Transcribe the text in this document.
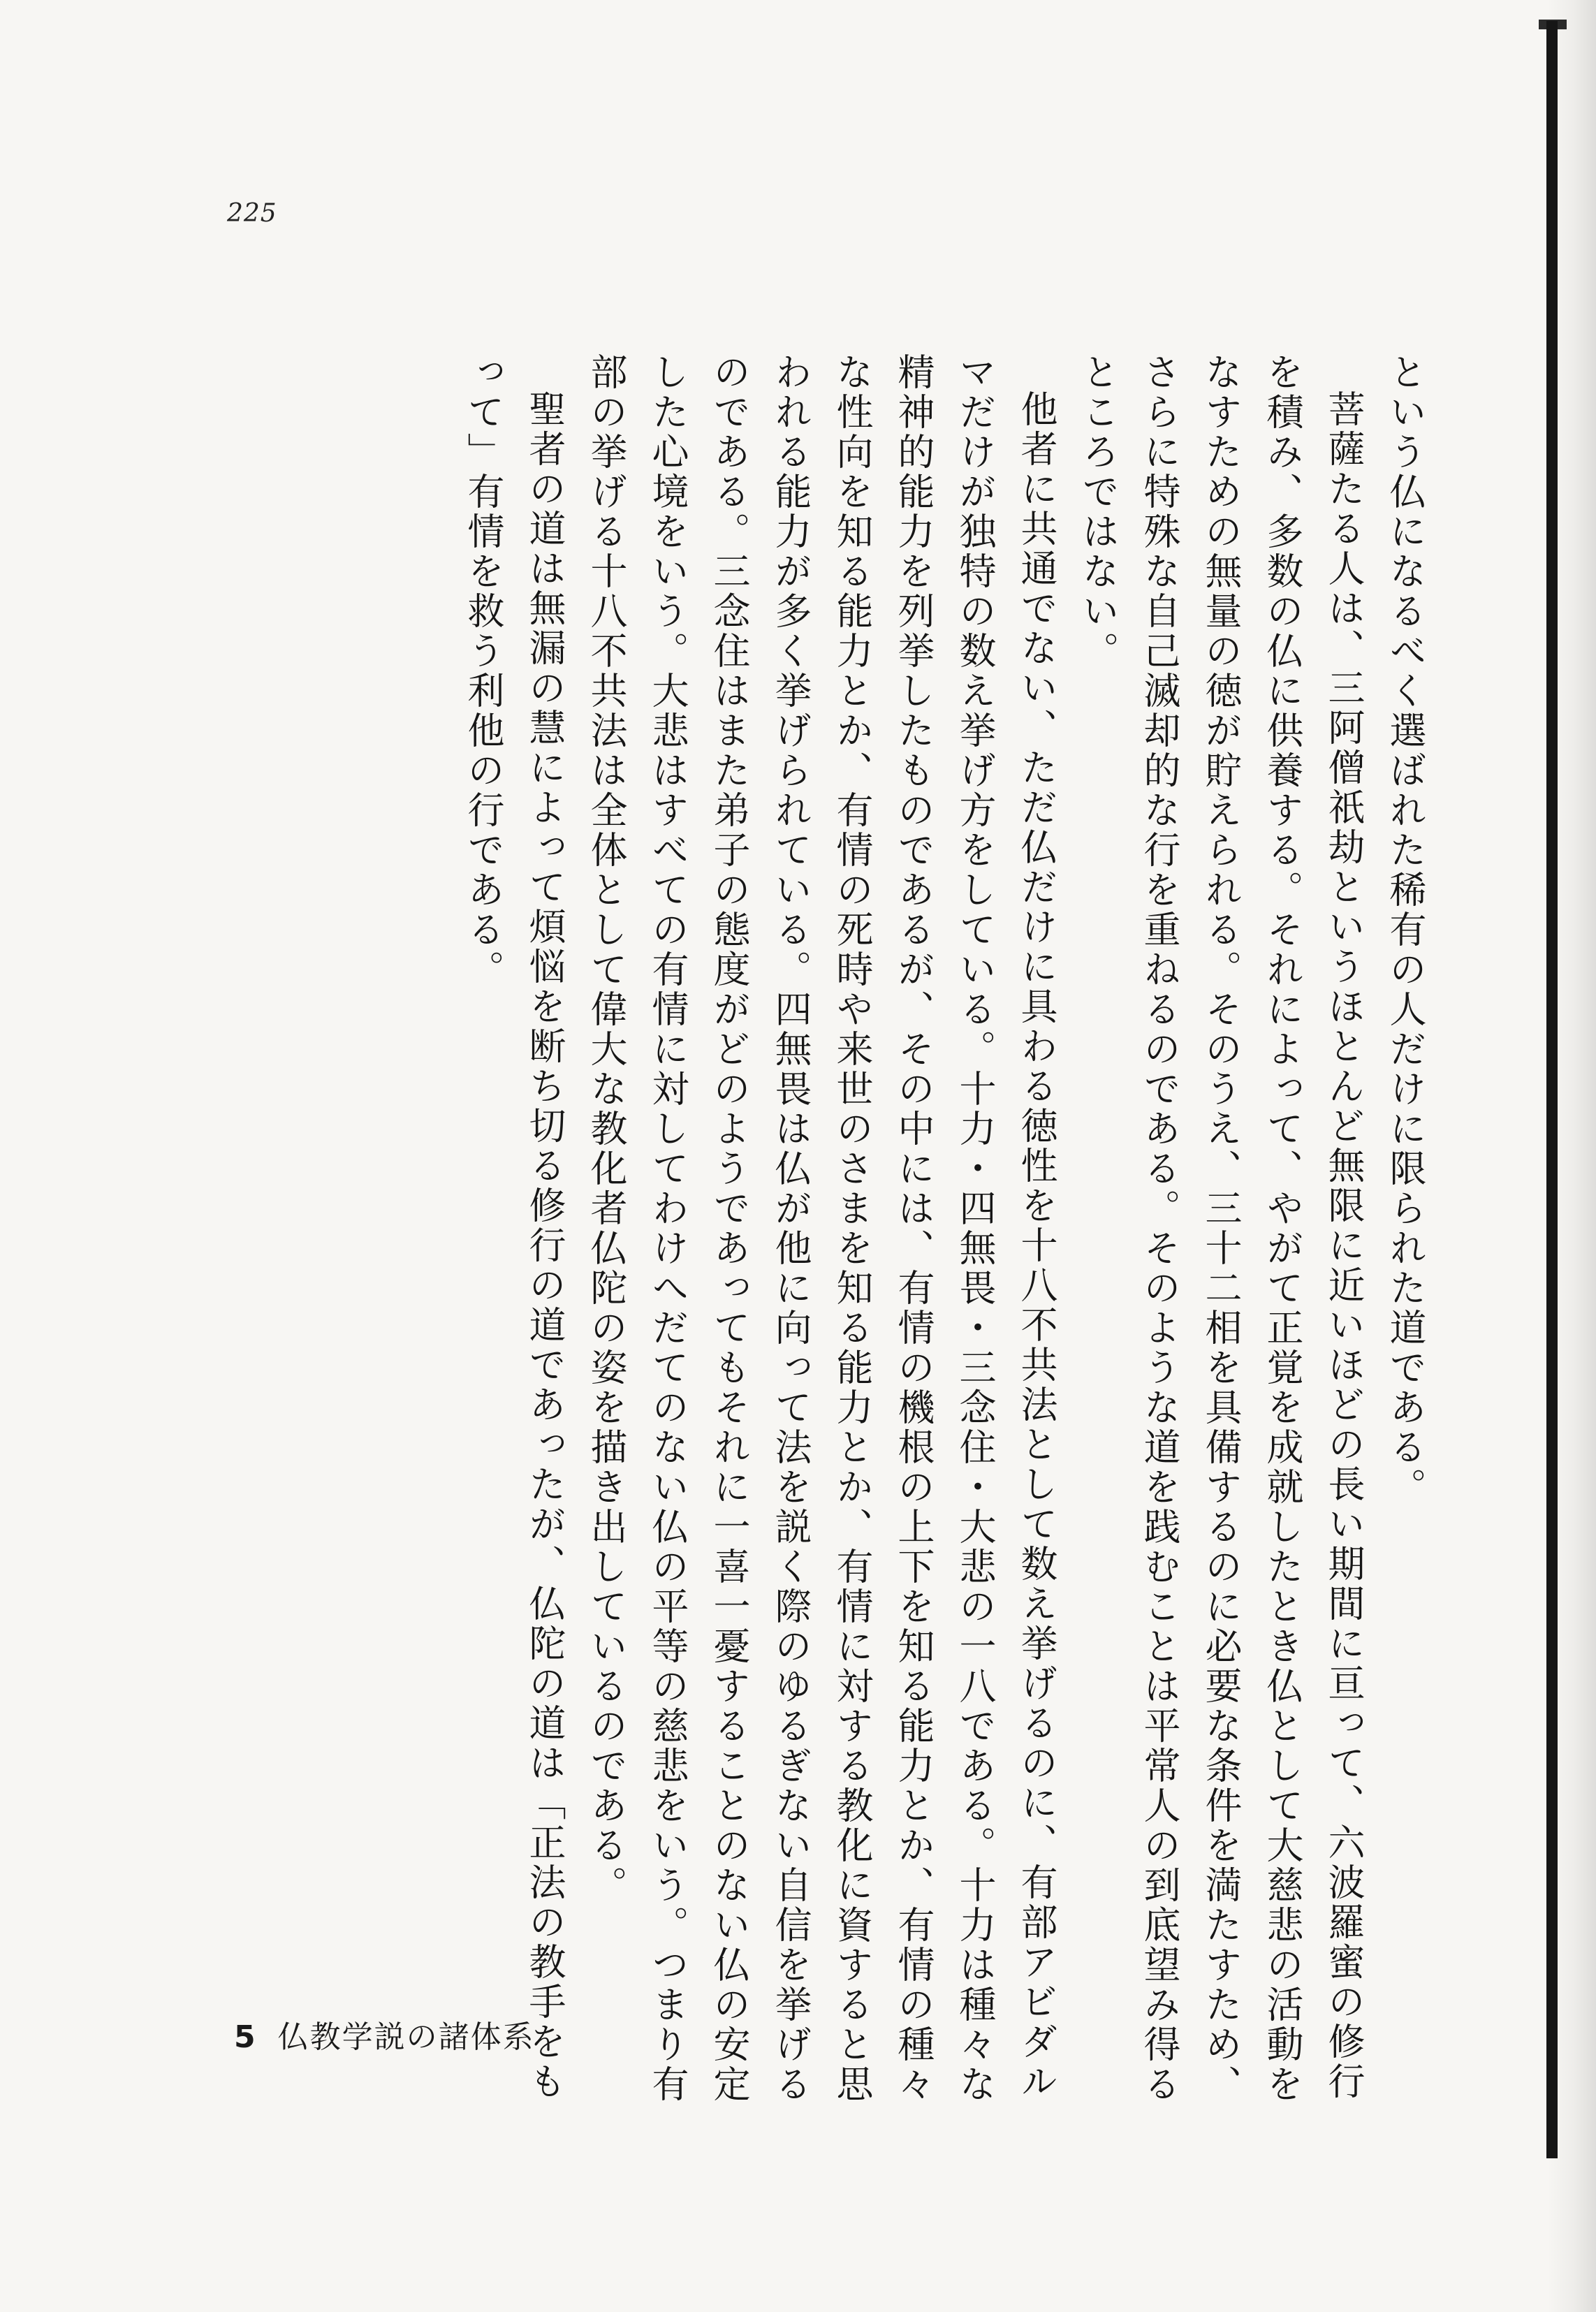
225

という仏になるべく選ばれた稀有の人だけに限られた道である。

菩薩たる人は、三阿僧祇劫というほとんど無限に近いほどの長い期間に亘って、六波羅蜜の修行を積み、多数の仏に供養する。それによって、やがて正覚を成就したとき仏として大慈悲の活動をなすための無量の徳が貯えられる。そのうえ、三十二相を具備するのに必要な条件を満たすため、さらに特殊な自己滅却的な行を重ねるのである。そのような道を践むことは平常人の到底望み得るところではない。

他者に共通でない、ただ仏だけに具わる徳性を十八不共法として数え挙げるのに、有部アビダルマだけが独特の数え挙げ方をしている。十力・四無畏・三念住・大悲の一八である。十力は種々な精神的能力を列挙したものであるが、その中には、有情の機根の上下を知る能力とか、有情の種々な性向を知る能力とか、有情の死時や来世のさまを知る能力とか、有情に対する教化に資すると思われる能力が多く挙げられている。四無畏は仏が他に向って法を説く際のゆるぎない自信を挙げるのである。三念住はまた弟子の態度がどのようであってもそれに一喜一憂することのない仏の安定した心境をいう。大悲はすべての有情に対してわけへだてのない仏の平等の慈悲をいう。つまり有部の挙げる十八不共法は全体として偉大な教化者仏陀の姿を描き出しているのである。

聖者の道は無漏の慧によって煩悩を断ち切る修行の道であったが、仏陀の道は「正法の教手をもって」有情を救う利他の行である。

5 仏教学説の諸体系
